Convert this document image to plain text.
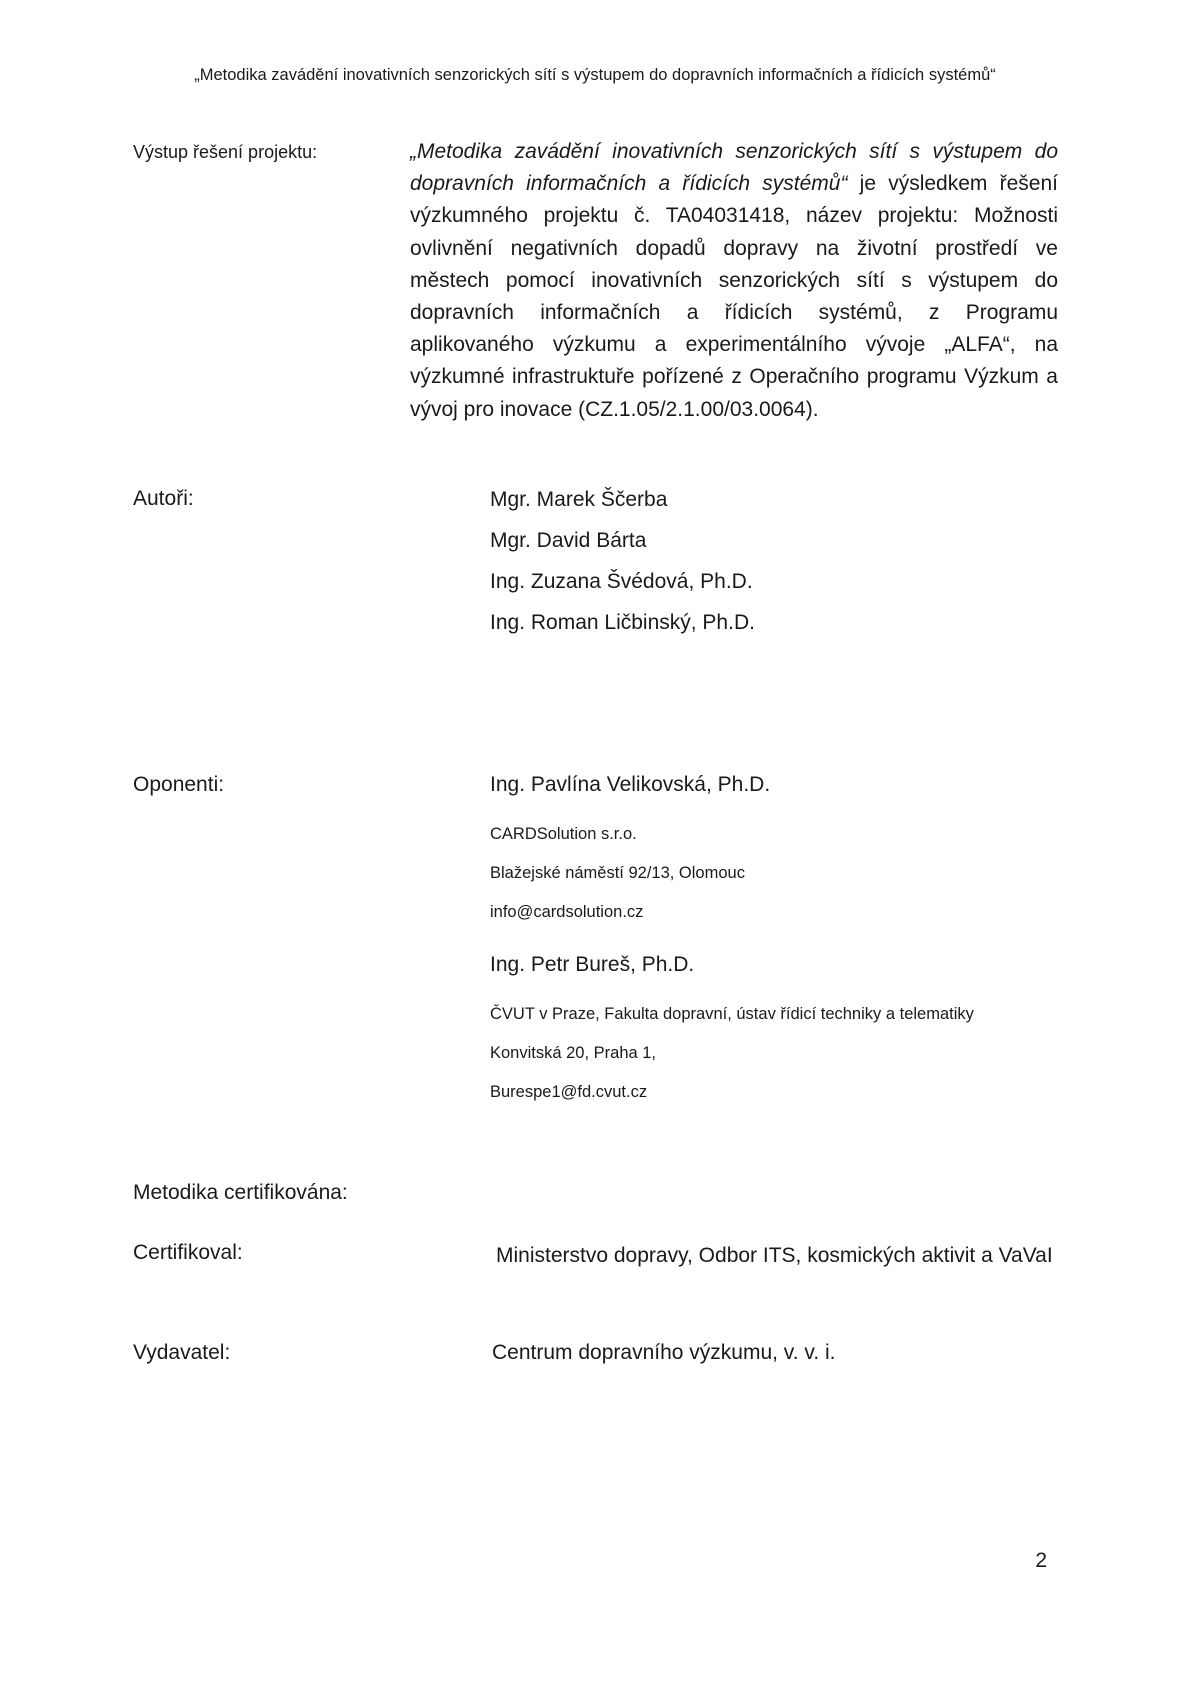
„Metodika zavádění inovativních senzorických sítí s výstupem do dopravních informačních a řídicích systémů“
Výstup řešení projektu:	„Metodika zavádění inovativních senzorických sítí s výstupem do dopravních informačních a řídicích systémů“ je výsledkem řešení výzkumného projektu č. TA04031418, název projektu: Možnosti ovlivnění negativních dopadů dopravy na životní prostředí ve městech pomocí inovativních senzorických sítí s výstupem do dopravních informačních a řídicích systémů, z Programu aplikovaného výzkumu a experimentálního vývoje „ALFA“, na výzkumné infrastruktuře pořízené z Operačního programu Výzkum a vývoj pro inovace (CZ.1.05/2.1.00/03.0064).

Autoři:	Mgr. Marek Ščerba
Mgr. David Bárta
Ing. Zuzana Švédová, Ph.D.
Ing. Roman Ličbinský, Ph.D.
Oponenti:	Ing. Pavlína Velikovská, Ph.D.
CARDSolution s.r.o.
Blažejské náměstí 92/13, Olomouc
info@cardsolution.cz
Ing. Petr Bureš, Ph.D.
ČVUT v Praze, Fakulta dopravní, ústav řídicí techniky a telematiky
Konvitská 20, Praha 1,
Burespe1@fd.cvut.cz
Metodika certifikována:
Certifikoval:	Ministerstvo dopravy, Odbor ITS, kosmických aktivit a VaVaI
Vydavatel:	Centrum dopravního výzkumu, v. v. i.
2
